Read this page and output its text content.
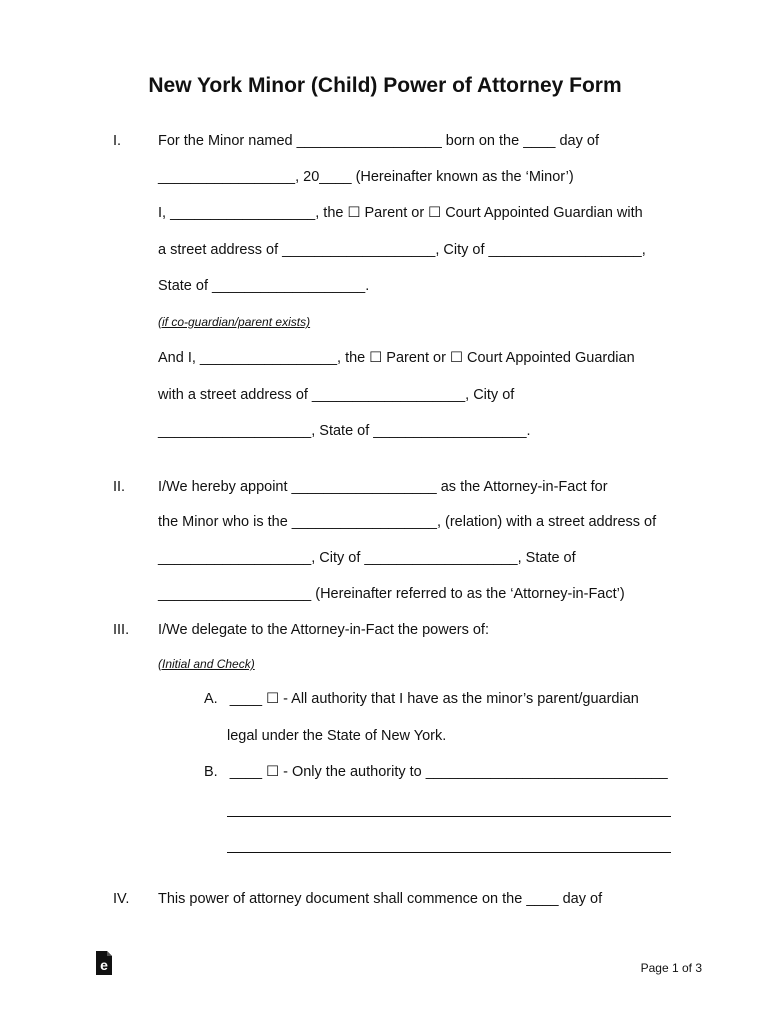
New York Minor (Child) Power of Attorney Form
I.	For the Minor named __________________ born on the ____ day of
_________________, 20____ (Hereinafter known as the ‘Minor’)
I, __________________, the ☐ Parent or ☐ Court Appointed Guardian with
a street address of ___________________, City of ___________________,
State of ___________________.
(if co-guardian/parent exists)
And I, _________________, the ☐ Parent or ☐ Court Appointed Guardian
with a street address of ___________________, City of
___________________, State of ___________________.
II. I/We hereby appoint __________________ as the Attorney-in-Fact for
the Minor who is the __________________, (relation) with a street address of
___________________, City of ___________________, State of
___________________ (Hereinafter referred to as the ‘Attorney-in-Fact’)
III. I/We delegate to the Attorney-in-Fact the powers of:
(Initial and Check)
A.   ____ ☐ - All authority that I have as the minor’s parent/guardian
legal under the State of New York.
B.   ____ ☐ - Only the authority to ______________________________
IV. This power of attorney document shall commence on the ____ day of
e	Page 1 of 3
